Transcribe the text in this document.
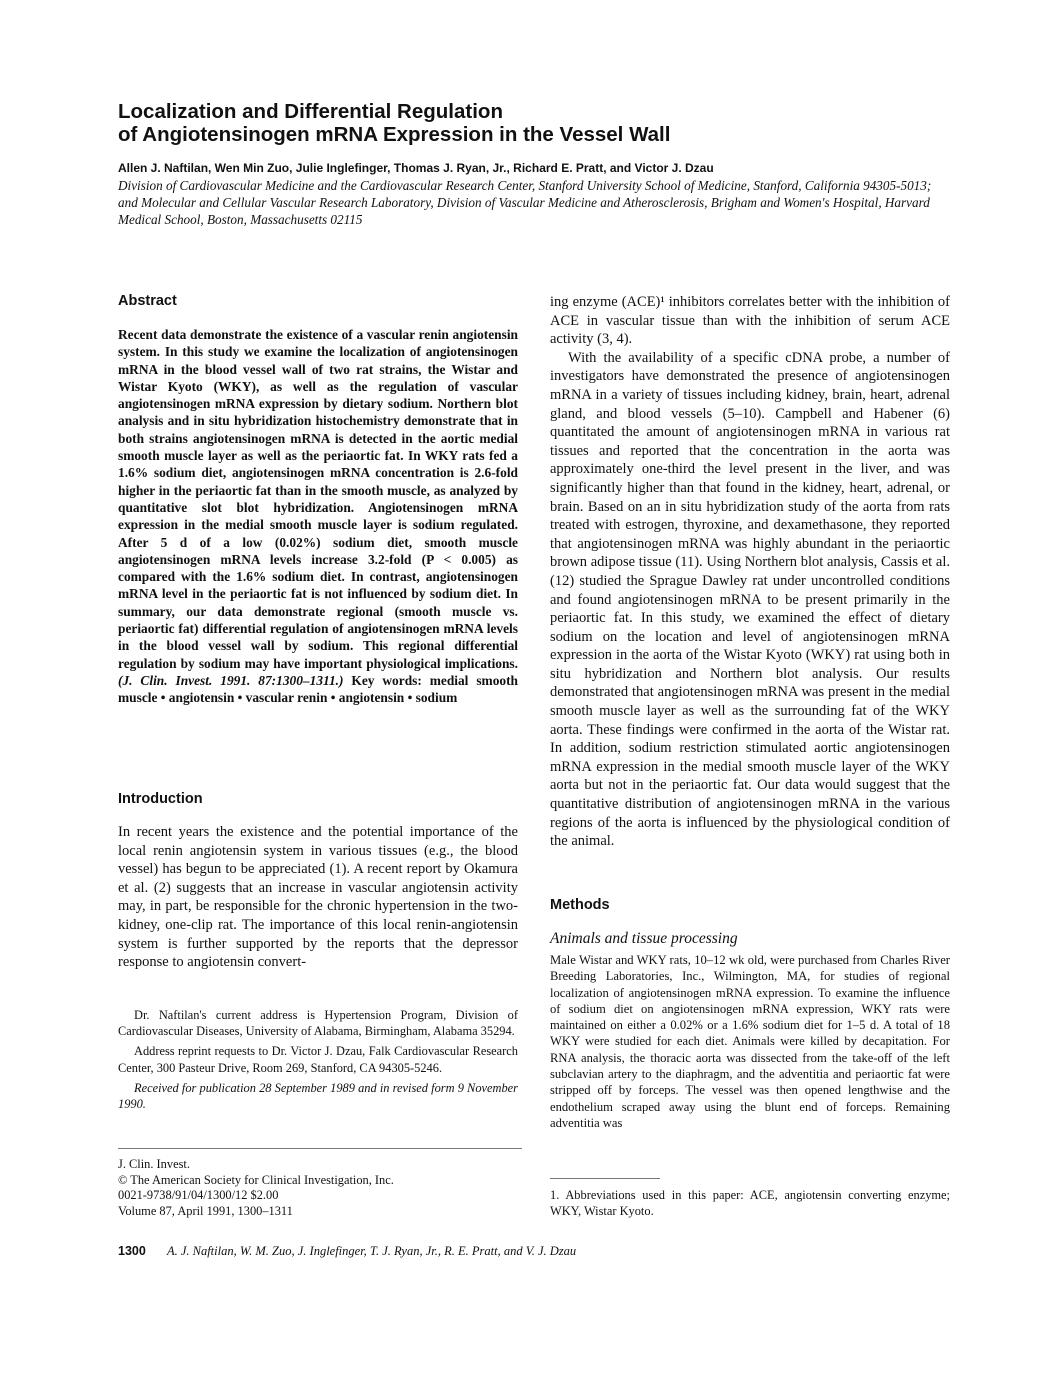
Localization and Differential Regulation
of Angiotensinogen mRNA Expression in the Vessel Wall
Allen J. Naftilan, Wen Min Zuo, Julie Inglefinger, Thomas J. Ryan, Jr., Richard E. Pratt, and Victor J. Dzau
Division of Cardiovascular Medicine and the Cardiovascular Research Center, Stanford University School of Medicine, Stanford, California 94305-5013; and Molecular and Cellular Vascular Research Laboratory, Division of Vascular Medicine and Atherosclerosis, Brigham and Women's Hospital, Harvard Medical School, Boston, Massachusetts 02115
Abstract

Recent data demonstrate the existence of a vascular renin angiotensin system. In this study we examine the localization of angiotensinogen mRNA in the blood vessel wall of two rat strains, the Wistar and Wistar Kyoto (WKY), as well as the regulation of vascular angiotensinogen mRNA expression by dietary sodium. Northern blot analysis and in situ hybridization histochemistry demonstrate that in both strains angiotensinogen mRNA is detected in the aortic medial smooth muscle layer as well as the periaortic fat. In WKY rats fed a 1.6% sodium diet, angiotensinogen mRNA concentration is 2.6-fold higher in the periaortic fat than in the smooth muscle, as analyzed by quantitative slot blot hybridization. Angiotensinogen mRNA expression in the medial smooth muscle layer is sodium regulated. After 5 d of a low (0.02%) sodium diet, smooth muscle angiotensinogen mRNA levels increase 3.2-fold (P < 0.005) as compared with the 1.6% sodium diet. In contrast, angiotensinogen mRNA level in the periaortic fat is not influenced by sodium diet. In summary, our data demonstrate regional (smooth muscle vs. periaortic fat) differential regulation of angiotensinogen mRNA levels in the blood vessel wall by sodium. This regional differential regulation by sodium may have important physiological implications. (J. Clin. Invest. 1991. 87:1300–1311.) Key words: medial smooth muscle • angiotensin • vascular renin • angiotensin • sodium

Introduction

In recent years the existence and the potential importance of the local renin angiotensin system in various tissues (e.g., the blood vessel) has begun to be appreciated (1). A recent report by Okamura et al. (2) suggests that an increase in vascular angiotensin activity may, in part, be responsible for the chronic hypertension in the two-kidney, one-clip rat. The importance of this local renin-angiotensin system is further supported by the reports that the depressor response to angiotensin convert-

Dr. Naftilan's current address is Hypertension Program, Division of Cardiovascular Diseases, University of Alabama, Birmingham, Alabama 35294.

Address reprint requests to Dr. Victor J. Dzau, Falk Cardiovascular Research Center, 300 Pasteur Drive, Room 269, Stanford, CA 94305-5246.

Received for publication 28 September 1989 and in revised form 9 November 1990.

J. Clin. Invest.

© The American Society for Clinical Investigation, Inc.

0021-9738/91/04/1300/12 $2.00

Volume 87, April 1991, 1300–1311

ing enzyme (ACE)¹ inhibitors correlates better with the inhibition of ACE in vascular tissue than with the inhibition of serum ACE activity (3, 4).

With the availability of a specific cDNA probe, a number of investigators have demonstrated the presence of angiotensinogen mRNA in a variety of tissues including kidney, brain, heart, adrenal gland, and blood vessels (5–10). Campbell and Habener (6) quantitated the amount of angiotensinogen mRNA in various rat tissues and reported that the concentration in the aorta was approximately one-third the level present in the liver, and was significantly higher than that found in the kidney, heart, adrenal, or brain. Based on an in situ hybridization study of the aorta from rats treated with estrogen, thyroxine, and dexamethasone, they reported that angiotensinogen mRNA was highly abundant in the periaortic brown adipose tissue (11). Using Northern blot analysis, Cassis et al. (12) studied the Sprague Dawley rat under uncontrolled conditions and found angiotensinogen mRNA to be present primarily in the periaortic fat. In this study, we examined the effect of dietary sodium on the location and level of angiotensinogen mRNA expression in the aorta of the Wistar Kyoto (WKY) rat using both in situ hybridization and Northern blot analysis. Our results demonstrated that angiotensinogen mRNA was present in the medial smooth muscle layer as well as the surrounding fat of the WKY aorta. These findings were confirmed in the aorta of the Wistar rat. In addition, sodium restriction stimulated aortic angiotensinogen mRNA expression in the medial smooth muscle layer of the WKY aorta but not in the periaortic fat. Our data would suggest that the quantitative distribution of angiotensinogen mRNA in the various regions of the aorta is influenced by the physiological condition of the animal.

Methods
Animals and tissue processing

Male Wistar and WKY rats, 10–12 wk old, were purchased from Charles River Breeding Laboratories, Inc., Wilmington, MA, for studies of regional localization of angiotensinogen mRNA expression. To examine the influence of sodium diet on angiotensinogen mRNA expression, WKY rats were maintained on either a 0.02% or a 1.6% sodium diet for 1–5 d. A total of 18 WKY were studied for each diet. Animals were killed by decapitation. For RNA analysis, the thoracic aorta was dissected from the take-off of the left subclavian artery to the diaphragm, and the adventitia and periaortic fat were stripped off by forceps. The vessel was then opened lengthwise and the endothelium scraped away using the blunt end of forceps. Remaining adventitia was

1. Abbreviations used in this paper: ACE, angiotensin converting enzyme; WKY, Wistar Kyoto.

1300 A. J. Naftilan, W. M. Zuo, J. Inglefinger, T. J. Ryan, Jr., R. E. Pratt, and V. J. Dzau
